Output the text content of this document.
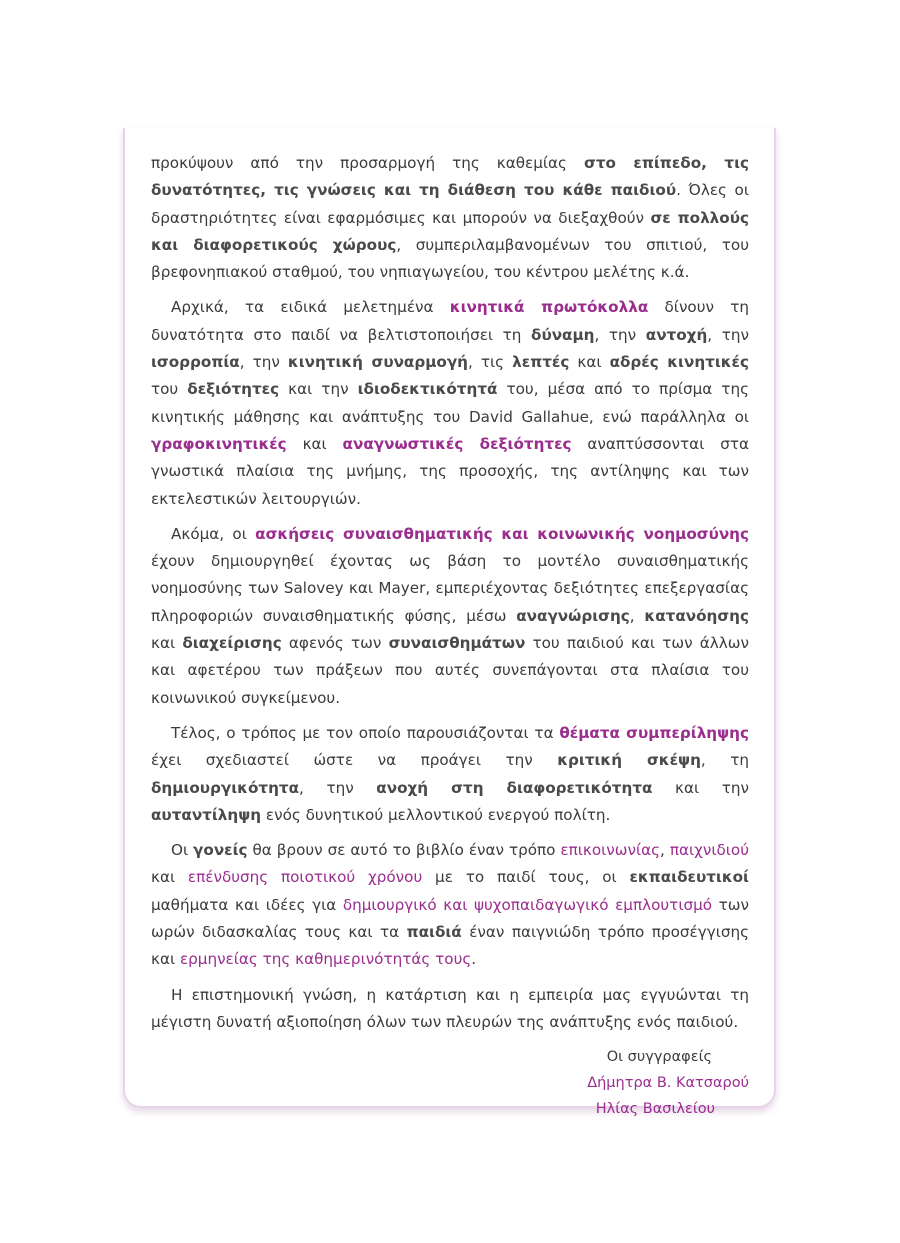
προκύψουν από την προσαρμογή της καθεμίας στο επίπεδο, τις δυνατότητες, τις γνώσεις και τη διάθεση του κάθε παιδιού. Όλες οι δραστηριότητες είναι εφαρμόσιμες και μπορούν να διεξαχθούν σε πολλούς και διαφορετικούς χώρους, συμπεριλαμβανομένων του σπιτιού, του βρεφονηπιακού σταθμού, του νηπιαγωγείου, του κέντρου μελέτης κ.ά.

Αρχικά, τα ειδικά μελετημένα κινητικά πρωτόκολλα δίνουν τη δυνατότητα στο παιδί να βελτιστοποιήσει τη δύναμη, την αντοχή, την ισορροπία, την κινητική συναρμογή, τις λεπτές και αδρές κινητικές του δεξιότητες και την ιδιοδεκτικότητά του, μέσα από το πρίσμα της κινητικής μάθησης και ανάπτυξης του David Gallahue, ενώ παράλληλα οι γραφοκινητικές και αναγνωστικές δεξιότητες αναπτύσσονται στα γνωστικά πλαίσια της μνήμης, της προσοχής, της αντίληψης και των εκτελεστικών λειτουργιών.

Ακόμα, οι ασκήσεις συναισθηματικής και κοινωνικής νοημοσύνης έχουν δημιουργηθεί έχοντας ως βάση το μοντέλο συναισθηματικής νοημοσύνης των Salovey και Mayer, εμπεριέχοντας δεξιότητες επεξεργασίας πληροφοριών συναισθηματικής φύσης, μέσω αναγνώρισης, κατανόησης και διαχείρισης αφενός των συναισθημάτων του παιδιού και των άλλων και αφετέρου των πράξεων που αυτές συνεπάγονται στα πλαίσια του κοινωνικού συγκείμενου.

Τέλος, ο τρόπος με τον οποίο παρουσιάζονται τα θέματα συμπερίληψης έχει σχεδιαστεί ώστε να προάγει την κριτική σκέψη, τη δημιουργικότητα, την ανοχή στη διαφορετικότητα και την αυταντίληψη ενός δυνητικού μελλοντικού ενεργού πολίτη.

Οι γονείς θα βρουν σε αυτό το βιβλίο έναν τρόπο επικοινωνίας, παιχνιδιού και επένδυσης ποιοτικού χρόνου με το παιδί τους, οι εκπαιδευτικοί μαθήματα και ιδέες για δημιουργικό και ψυχοπαιδαγωγικό εμπλουτισμό των ωρών διδασκαλίας τους και τα παιδιά έναν παιγνιώδη τρόπο προσέγγισης και ερμηνείας της καθημερινότητάς τους.

Η επιστημονική γνώση, η κατάρτιση και η εμπειρία μας εγγυώνται τη μέγιστη δυνατή αξιοποίηση όλων των πλευρών της ανάπτυξης ενός παιδιού.

Οι συγγραφείς
Δήμητρα Β. Κατσαρού
Ηλίας Βασιλείου
